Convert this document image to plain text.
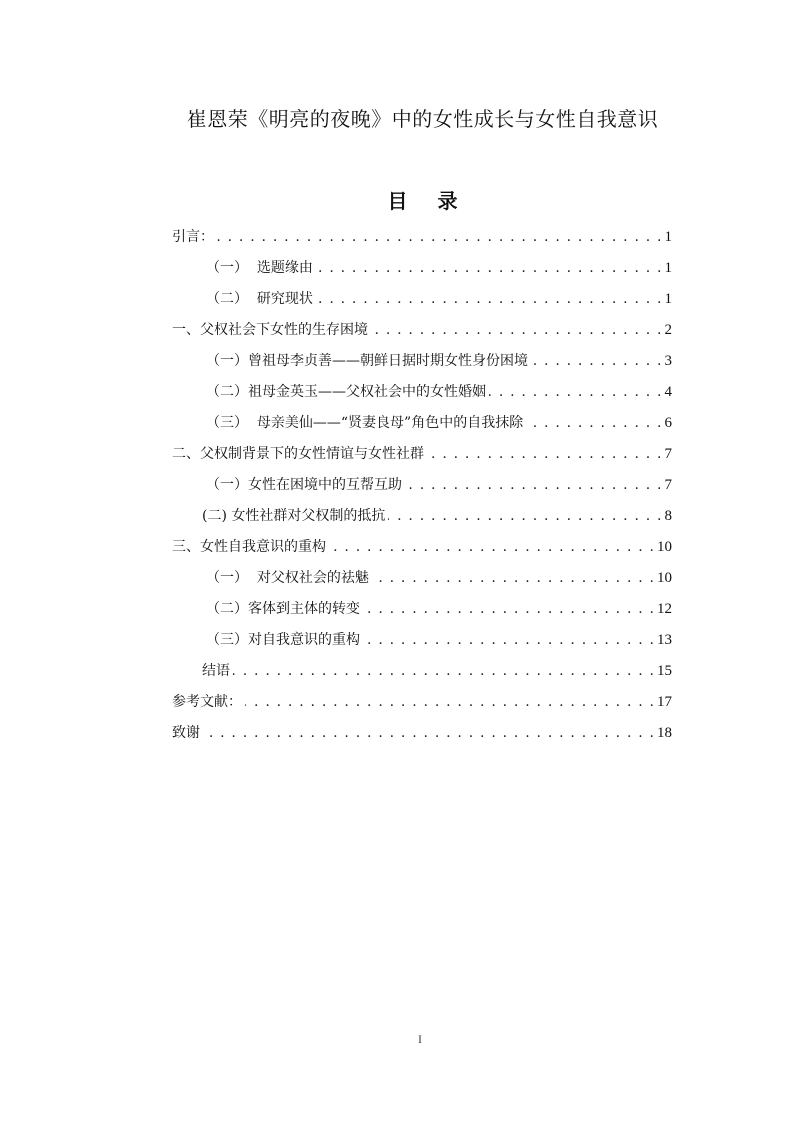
崔恩荣《明亮的夜晚》中的女性成长与女性自我意识
目 录
引言： . . .	1
（一）  选题缘由 . . .	1
（二）  研究现状 . . .	1
一、父权社会下女性的生存困境 . . .	2
（一）曾祖母李贞善——朝鲜日据时期女性身份困境 . . .	3
（二）祖母金英玉——父权社会中的女性婚姻 . . .	4
（三）  母亲美仙——“贤妻良母”角色中的自我抹除 . . .	6
二、父权制背景下的女性情谊与女性社群 . . .	7
（一）女性在困境中的互帮互助 . . .	7
(二) 女性社群对父权制的抵抗 . . .	8
三、女性自我意识的重构 . . .	10
（一）  对父权社会的祛魅 . . .	10
（二）客体到主体的转变 . . .	12
（三）对自我意识的重构 . . .	13
结语 . . .	15
参考文献： . . .	17
致谢 . . .	18
I
